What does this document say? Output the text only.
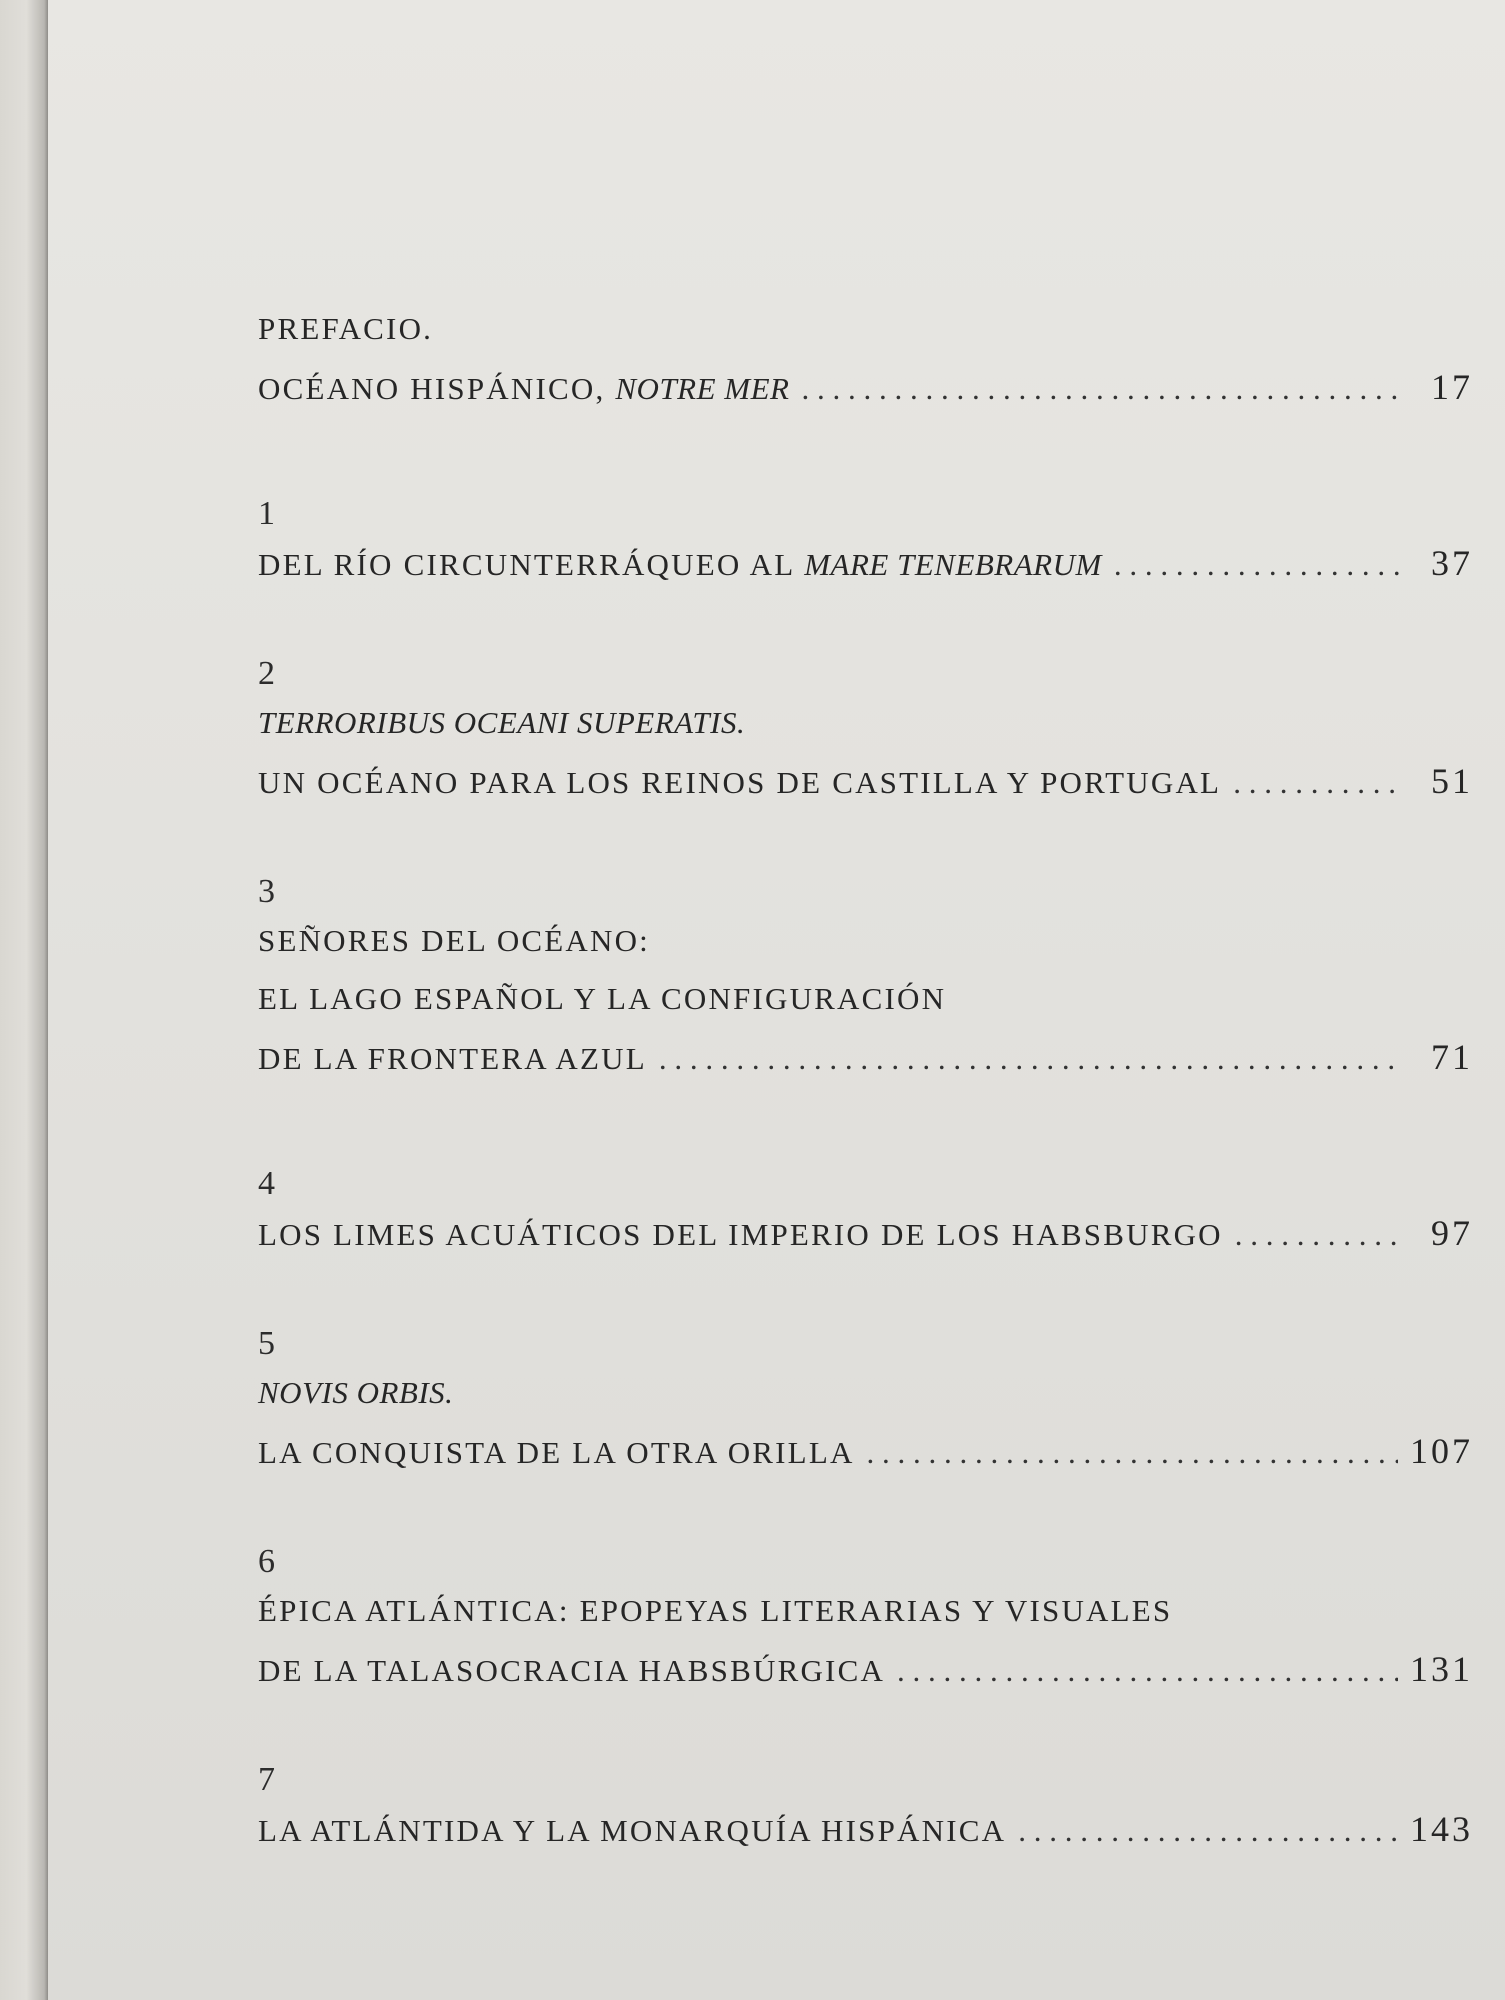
PREFACIO.
OCÉANO HISPÁNICO, NOTRE MER . . .	17
1
DEL RÍO CIRCUNTERRÁQUEO AL MARE TENEBRARUM . . .	37
2
TERRORIBUS OCEANI SUPERATIS.
UN OCÉANO PARA LOS REINOS DE CASTILLA Y PORTUGAL . . .	51
3
SEÑORES DEL OCÉANO:
EL LAGO ESPAÑOL Y LA CONFIGURACIÓN
DE LA FRONTERA AZUL . . .	71
4
LOS LIMES ACUÁTICOS DEL IMPERIO DE LOS HABSBURGO . . .	97
5
NOVIS ORBIS.
LA CONQUISTA DE LA OTRA ORILLA . . .	107
6
ÉPICA ATLÁNTICA: EPOPEYAS LITERARIAS Y VISUALES
DE LA TALASOCRACIA HABSBÚRGICA . . .	131
7
LA ATLÁNTIDA Y LA MONARQUÍA HISPÁNICA . . .	143
